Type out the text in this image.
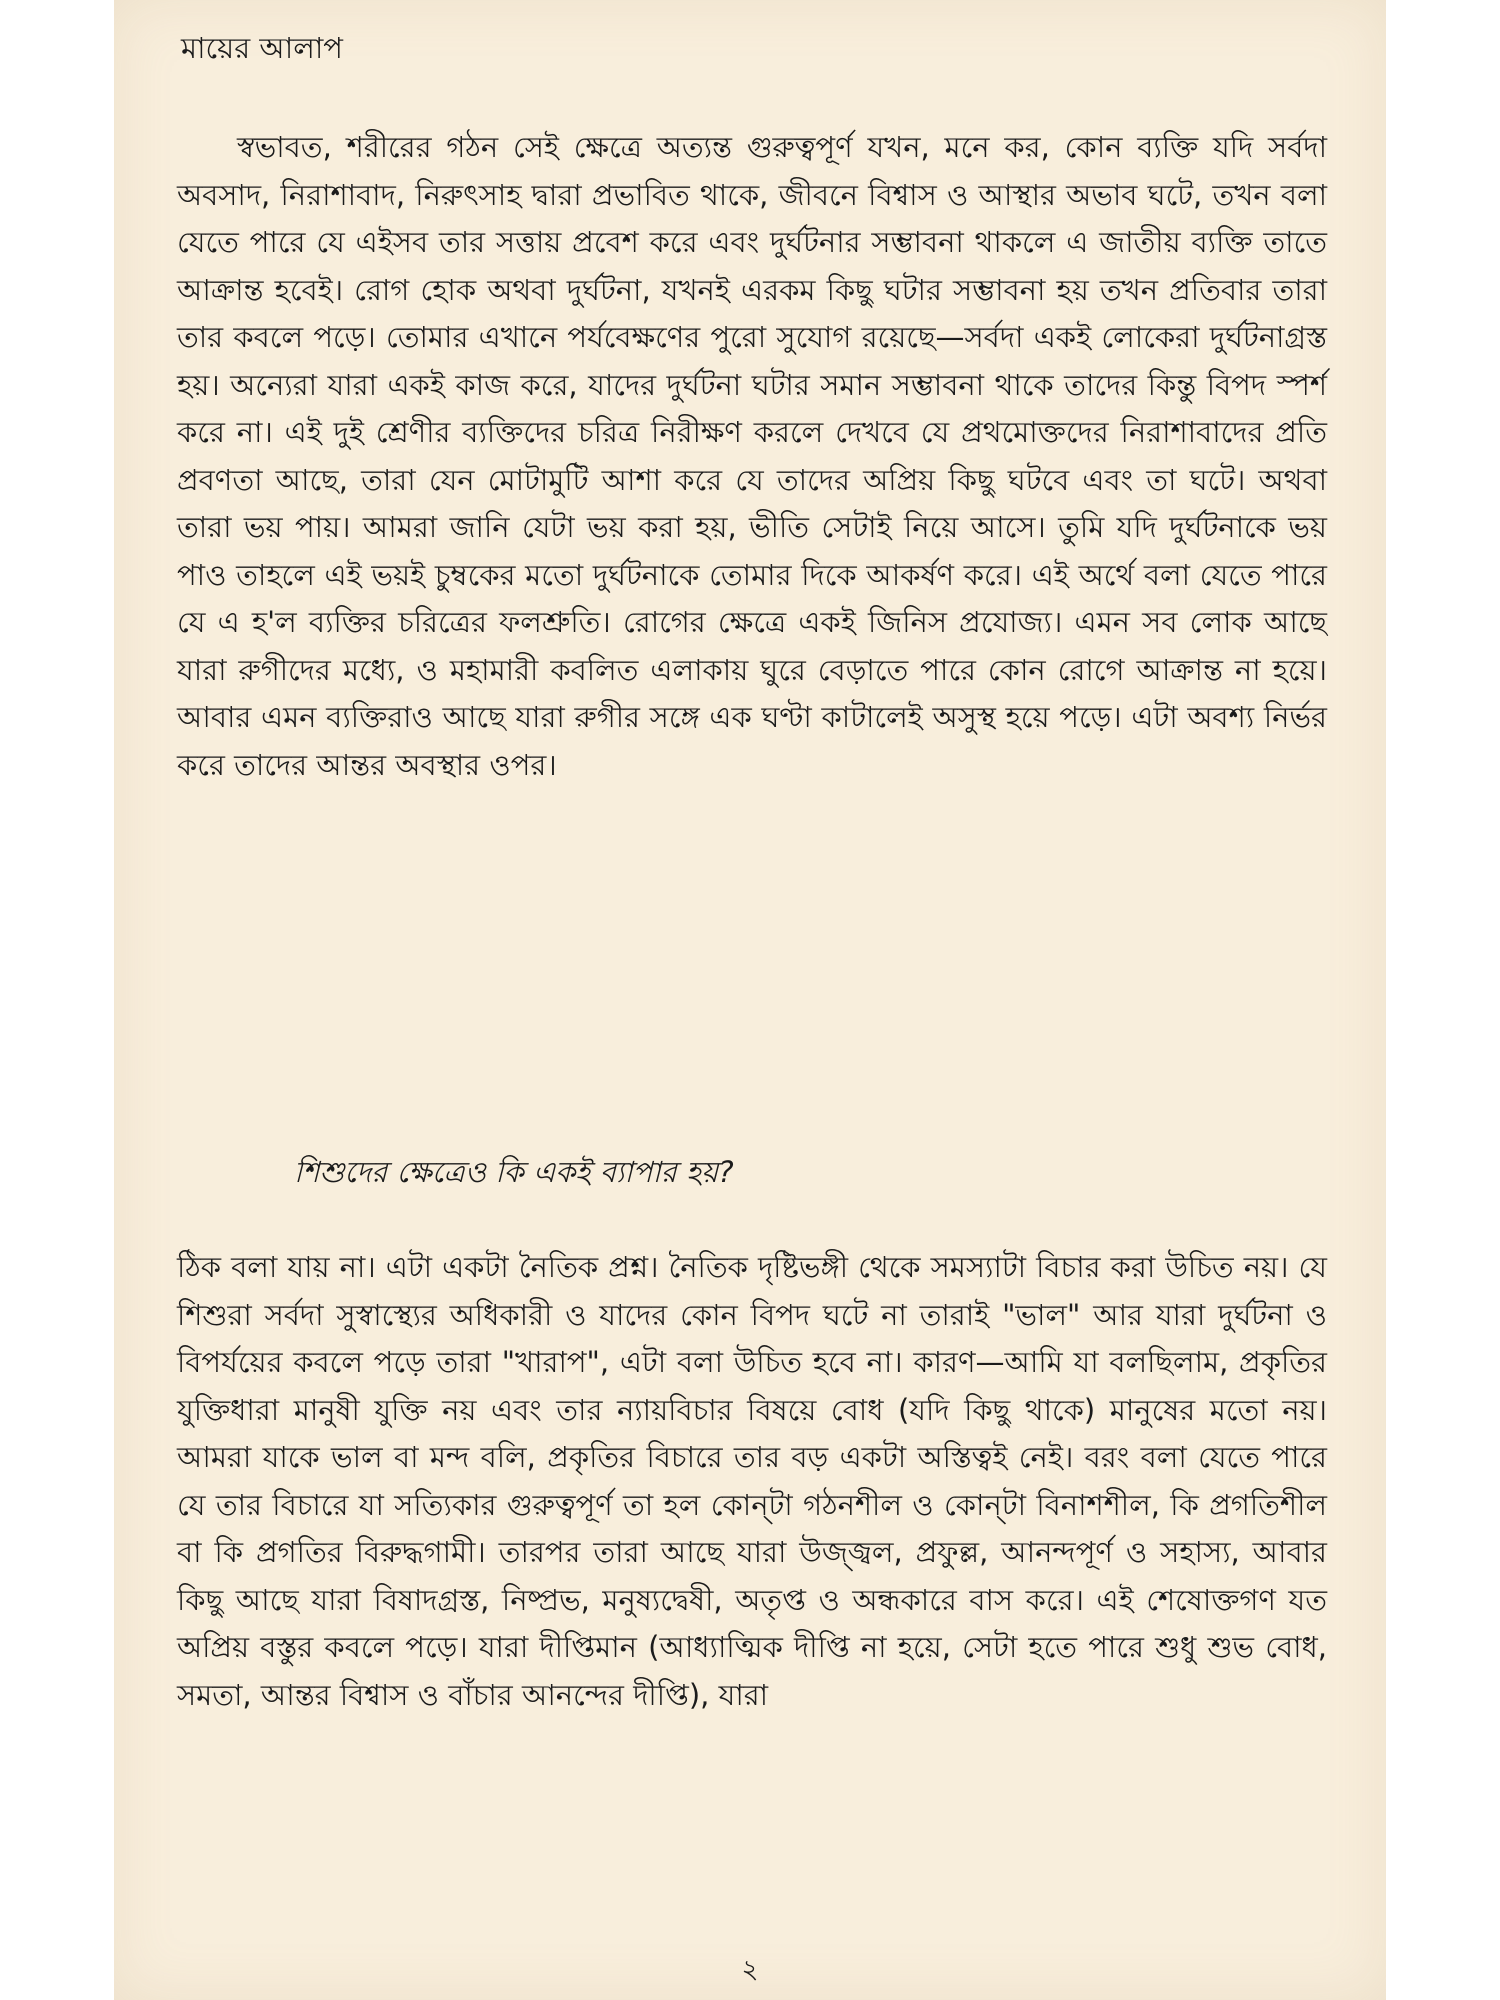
মায়ের আলাপ

স্বভাবত, শরীরের গঠন সেই ক্ষেত্রে অত্যন্ত গুরুত্বপূর্ণ যখন, মনে কর, কোন ব্যক্তি যদি সর্বদা অবসাদ, নিরাশাবাদ, নিরুৎসাহ দ্বারা প্রভাবিত থাকে, জীবনে বিশ্বাস ও আস্থার অভাব ঘটে, তখন বলা যেতে পারে যে এইসব তার সত্তায় প্রবেশ করে এবং দুর্ঘটনার সম্ভাবনা থাকলে এ জাতীয় ব্যক্তি তাতে আক্রান্ত হবেই। রোগ হোক অথবা দুর্ঘটনা, যখনই এরকম কিছু ঘটার সম্ভাবনা হয় তখন প্রতিবার তারা তার কবলে পড়ে। তোমার এখানে পর্যবেক্ষণের পুরো সুযোগ রয়েছে—সর্বদা একই লোকেরা দুর্ঘটনাগ্রস্ত হয়। অন্যেরা যারা একই কাজ করে, যাদের দুর্ঘটনা ঘটার সমান সম্ভাবনা থাকে তাদের কিন্তু বিপদ স্পর্শ করে না। এই দুই শ্রেণীর ব্যক্তিদের চরিত্র নিরীক্ষণ করলে দেখবে যে প্রথমোক্তদের নিরাশাবাদের প্রতি প্রবণতা আছে, তারা যেন মোটামুটি আশা করে যে তাদের অপ্রিয় কিছু ঘটবে এবং তা ঘটে। অথবা তারা ভয় পায়। আমরা জানি যেটা ভয় করা হয়, ভীতি সেটাই নিয়ে আসে। তুমি যদি দুর্ঘটনাকে ভয় পাও তাহলে এই ভয়ই চুম্বকের মতো দুর্ঘটনাকে তোমার দিকে আকর্ষণ করে। এই অর্থে বলা যেতে পারে যে এ হ'ল ব্যক্তির চরিত্রের ফলশ্রুতি। রোগের ক্ষেত্রে একই জিনিস প্রযোজ্য। এমন সব লোক আছে যারা রুগীদের মধ্যে, ও মহামারী কবলিত এলাকায় ঘুরে বেড়াতে পারে কোন রোগে আক্রান্ত না হয়ে। আবার এমন ব্যক্তিরাও আছে যারা রুগীর সঙ্গে এক ঘণ্টা কাটালেই অসুস্থ হয়ে পড়ে। এটা অবশ্য নির্ভর করে তাদের আন্তর অবস্থার ওপর।

শিশুদের ক্ষেত্রেও কি একই ব্যাপার হয়?

ঠিক বলা যায় না। এটা একটা নৈতিক প্রশ্ন। নৈতিক দৃষ্টিভঙ্গী থেকে সমস্যাটা বিচার করা উচিত নয়। যে শিশুরা সর্বদা সুস্বাস্থ্যের অধিকারী ও যাদের কোন বিপদ ঘটে না তারাই "ভাল" আর যারা দুর্ঘটনা ও বিপর্যয়ের কবলে পড়ে তারা "খারাপ", এটা বলা উচিত হবে না। কারণ—আমি যা বলছিলাম, প্রকৃতির যুক্তিধারা মানুষী যুক্তি নয় এবং তার ন্যায়বিচার বিষয়ে বোধ (যদি কিছু থাকে) মানুষের মতো নয়। আমরা যাকে ভাল বা মন্দ বলি, প্রকৃতির বিচারে তার বড় একটা অস্তিত্বই নেই। বরং বলা যেতে পারে যে তার বিচারে যা সত্যিকার গুরুত্বপূর্ণ তা হল কোন্‌টা গঠনশীল ও কোন্‌টা বিনাশশীল, কি প্রগতিশীল বা কি প্রগতির বিরুদ্ধগামী। তারপর তারা আছে যারা উজ্জ্বল, প্রফুল্ল, আনন্দপূর্ণ ও সহাস্য, আবার কিছু আছে যারা বিষাদগ্রস্ত, নিষ্প্রভ, মনুষ্যদ্বেষী, অতৃপ্ত ও অন্ধকারে বাস করে। এই শেষোক্তগণ যত অপ্রিয় বস্তুর কবলে পড়ে। যারা দীপ্তিমান (আধ্যাত্মিক দীপ্তি না হয়ে, সেটা হতে পারে শুধু শুভ বোধ, সমতা, আন্তর বিশ্বাস ও বাঁচার আনন্দের দীপ্তি), যারা

২
